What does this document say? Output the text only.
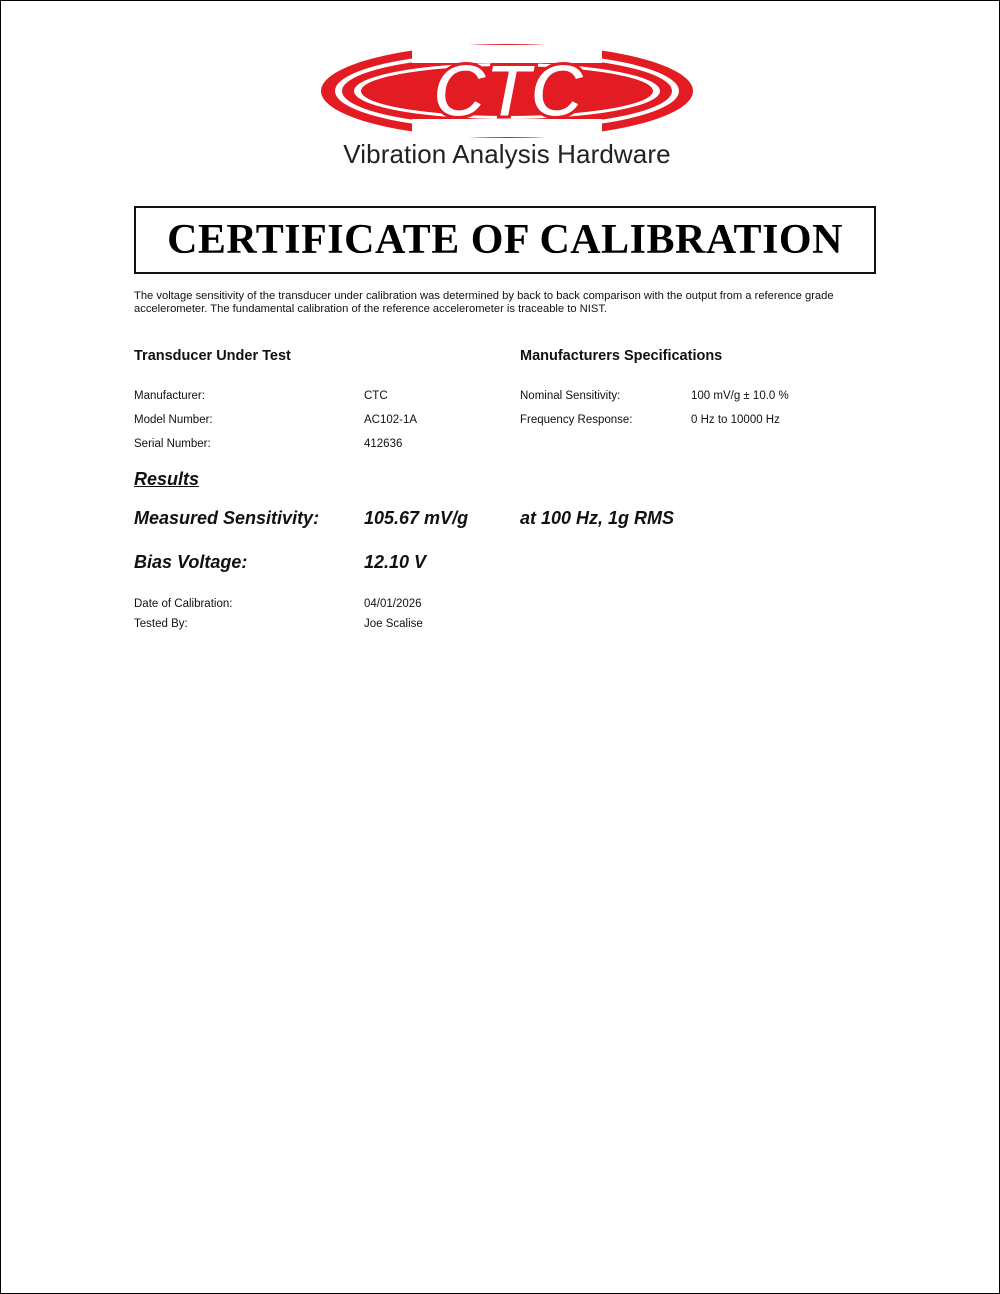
CTC
Vibration Analysis Hardware
CERTIFICATE OF CALIBRATION
The voltage sensitivity of the transducer under calibration was determined by back to back comparison with the output from a reference grade accelerometer. The fundamental calibration of the reference accelerometer is traceable to NIST.
Transducer Under Test
Manufacturer:	CTC
Model Number:	AC102-1A
Serial Number:	412636
Manufacturers Specifications
Nominal Sensitivity:	100 mV/g ± 10.0 %
Frequency Response:	0 Hz to 10000 Hz
Results
Measured Sensitivity: 105.67 mV/g	at 100 Hz, 1g RMS
Bias Voltage:	12.10 V
Date of Calibration:	04/01/2026
Tested By:	Joe Scalise
